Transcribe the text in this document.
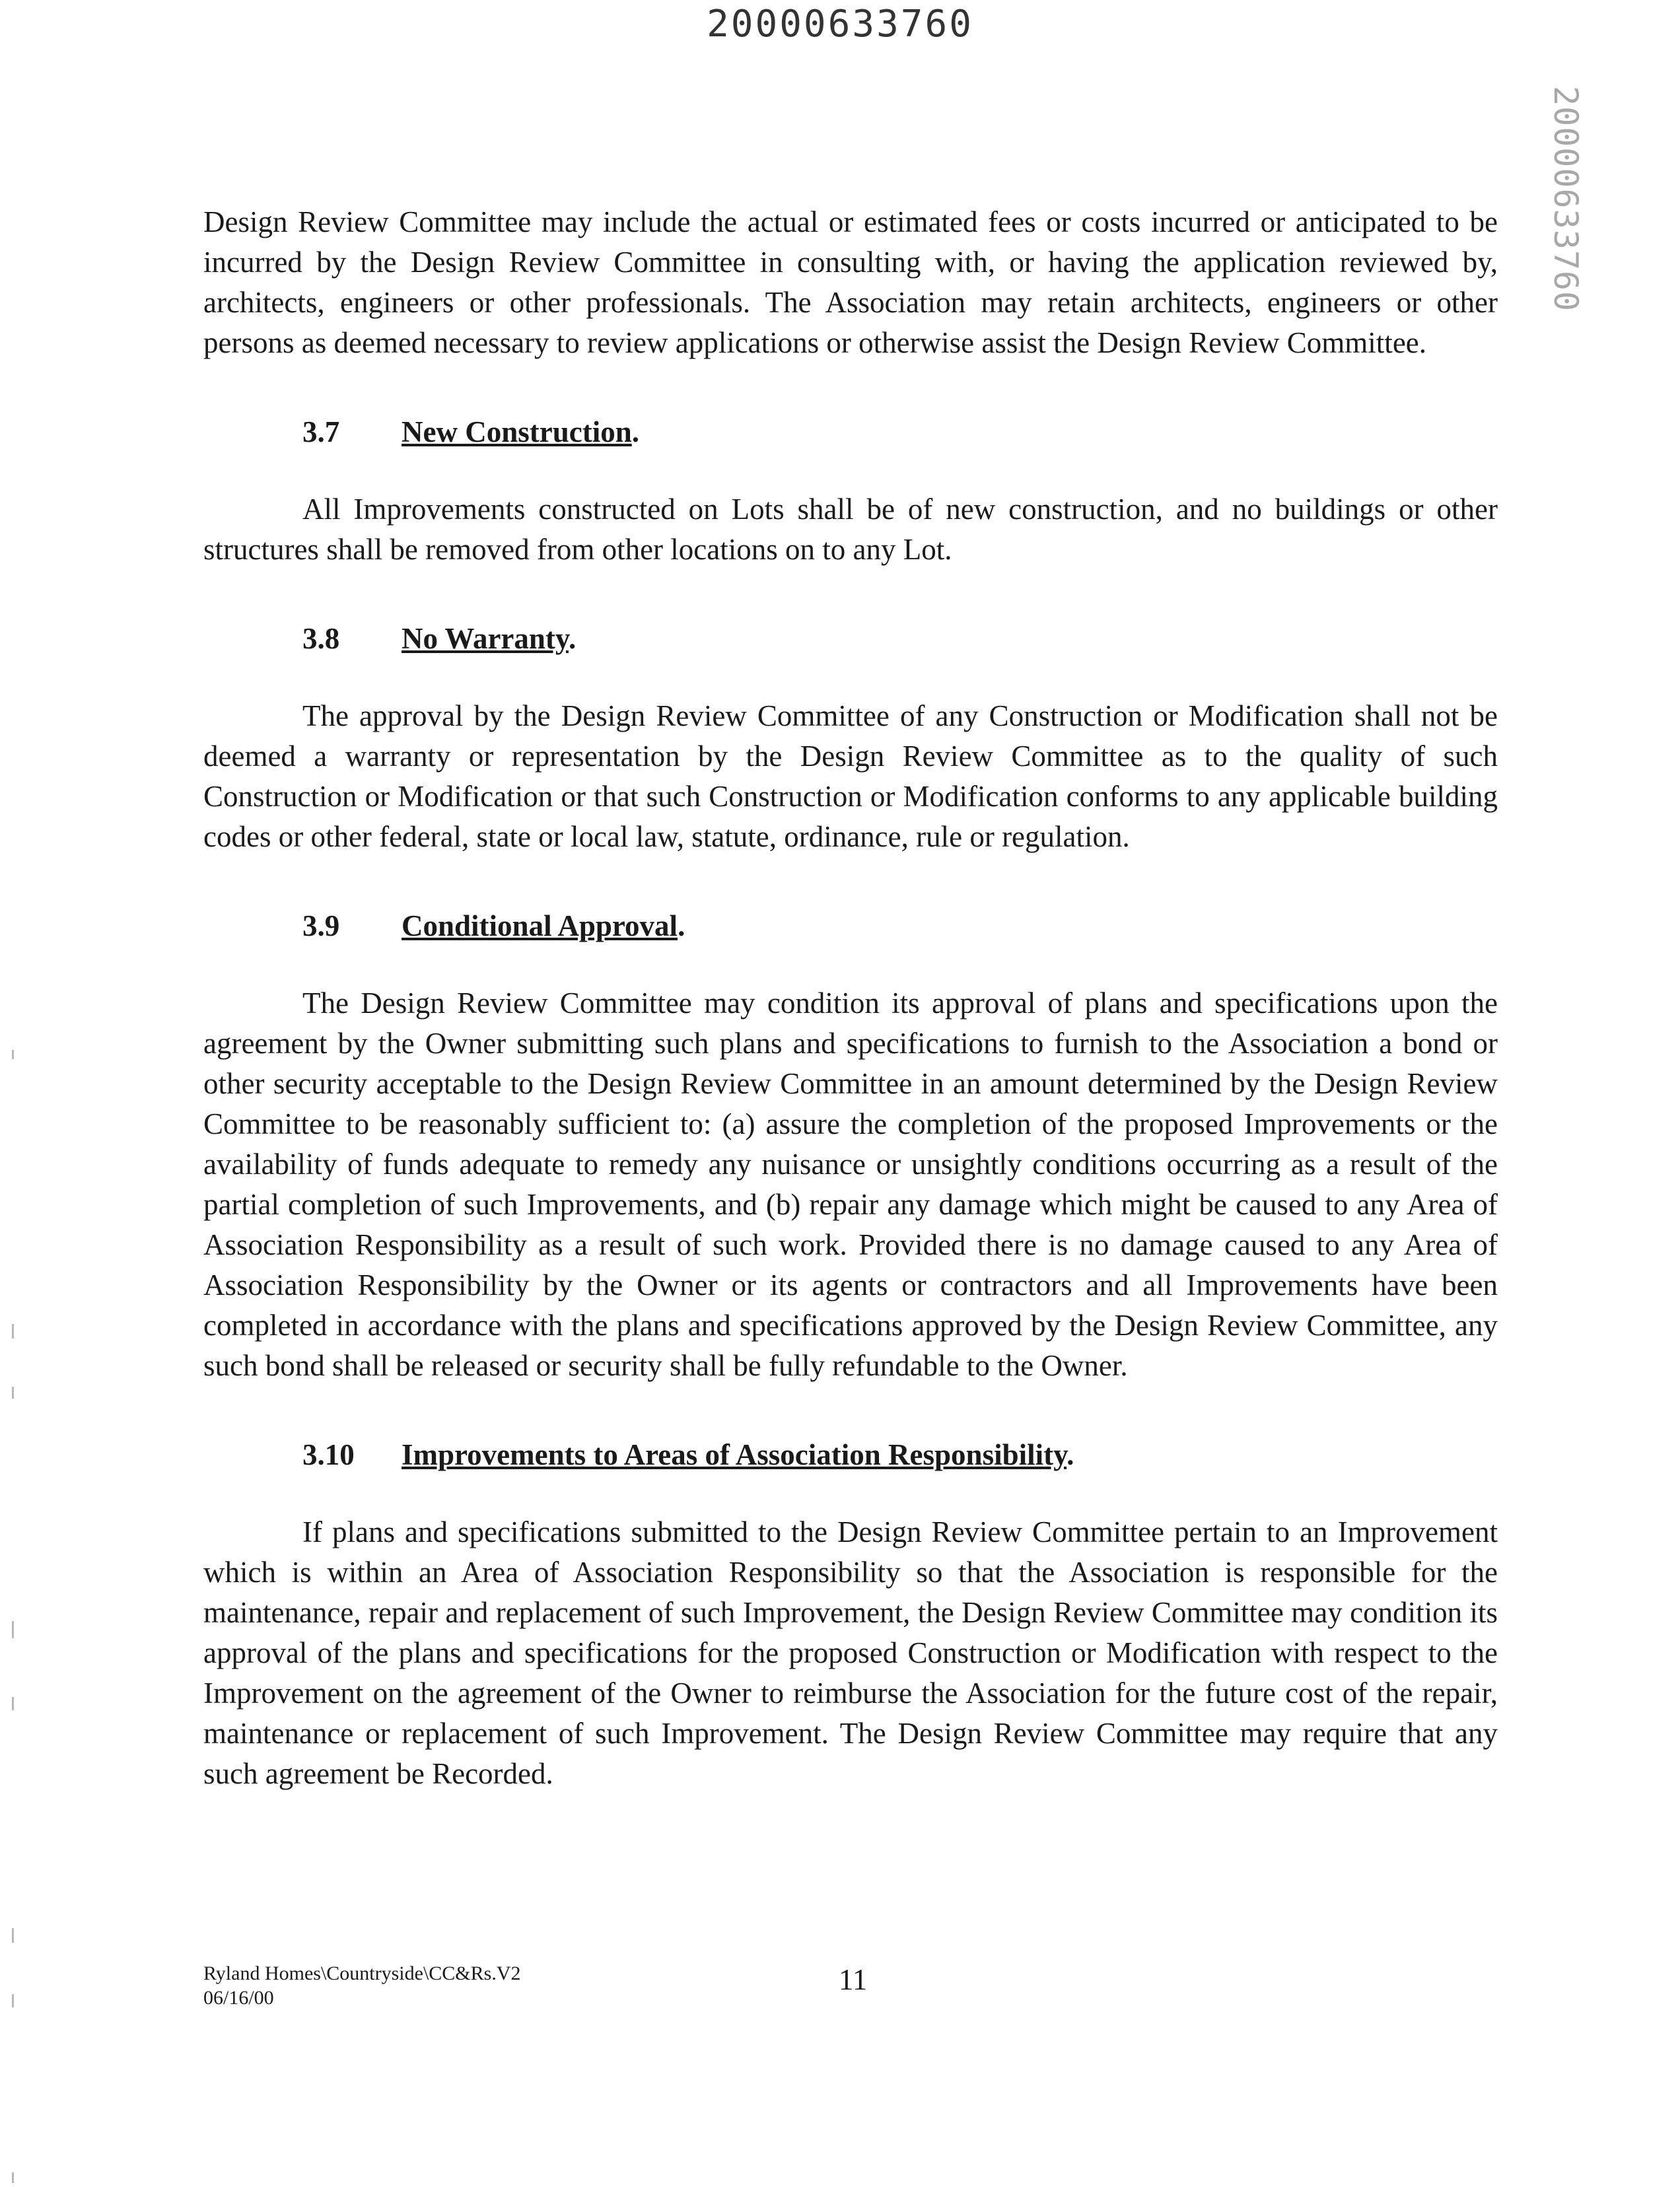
20000633760
20000633760

Design Review Committee may include the actual or estimated fees or costs incurred or anticipated to be incurred by the Design Review Committee in consulting with, or having the application reviewed by, architects, engineers or other professionals. The Association may retain architects, engineers or other persons as deemed necessary to review applications or otherwise assist the Design Review Committee.

3.7 New Construction.

All Improvements constructed on Lots shall be of new construction, and no buildings or other structures shall be removed from other locations on to any Lot.

3.8 No Warranty.

The approval by the Design Review Committee of any Construction or Modification shall not be deemed a warranty or representation by the Design Review Committee as to the quality of such Construction or Modification or that such Construction or Modification conforms to any applicable building codes or other federal, state or local law, statute, ordinance, rule or regulation.

3.9 Conditional Approval.

The Design Review Committee may condition its approval of plans and specifications upon the agreement by the Owner submitting such plans and specifications to furnish to the Association a bond or other security acceptable to the Design Review Committee in an amount determined by the Design Review Committee to be reasonably sufficient to: (a) assure the completion of the proposed Improvements or the availability of funds adequate to remedy any nuisance or unsightly conditions occurring as a result of the partial completion of such Improvements, and (b) repair any damage which might be caused to any Area of Association Responsibility as a result of such work. Provided there is no damage caused to any Area of Association Responsibility by the Owner or its agents or contractors and all Improvements have been completed in accordance with the plans and specifications approved by the Design Review Committee, any such bond shall be released or security shall be fully refundable to the Owner.

3.10 Improvements to Areas of Association Responsibility.

If plans and specifications submitted to the Design Review Committee pertain to an Improvement which is within an Area of Association Responsibility so that the Association is responsible for the maintenance, repair and replacement of such Improvement, the Design Review Committee may condition its approval of the plans and specifications for the proposed Construction or Modification with respect to the Improvement on the agreement of the Owner to reimburse the Association for the future cost of the repair, maintenance or replacement of such Improvement. The Design Review Committee may require that any such agreement be Recorded.

Ryland Homes\Countryside\CC&Rs.V2
06/16/00
11
